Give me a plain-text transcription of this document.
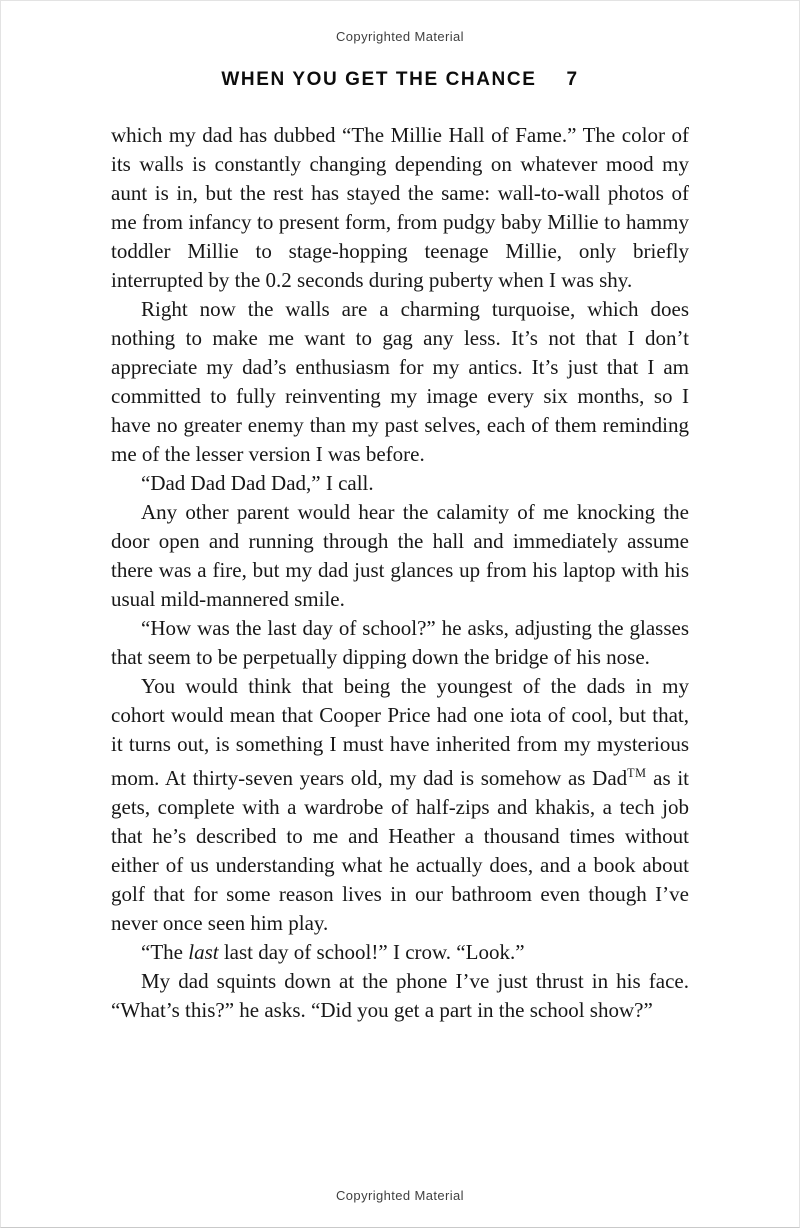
Copyrighted Material
WHEN YOU GET THE CHANCE 7

which my dad has dubbed “The Millie Hall of Fame.” The color of its walls is constantly changing depending on whatever mood my aunt is in, but the rest has stayed the same: wall-to-wall photos of me from infancy to present form, from pudgy baby Millie to hammy toddler Millie to stage-hopping teenage Millie, only briefly interrupted by the 0.2 seconds during puberty when I was shy.

Right now the walls are a charming turquoise, which does nothing to make me want to gag any less. It’s not that I don’t appreciate my dad’s enthusiasm for my antics. It’s just that I am committed to fully reinventing my image every six months, so I have no greater enemy than my past selves, each of them reminding me of the lesser version I was before.

“Dad Dad Dad Dad,” I call.

Any other parent would hear the calamity of me knocking the door open and running through the hall and immediately assume there was a fire, but my dad just glances up from his laptop with his usual mild-mannered smile.

“How was the last day of school?” he asks, adjusting the glasses that seem to be perpetually dipping down the bridge of his nose.

You would think that being the youngest of the dads in my cohort would mean that Cooper Price had one iota of cool, but that, it turns out, is something I must have inherited from my mysterious mom. At thirty-seven years old, my dad is somehow as Dad™ as it gets, complete with a wardrobe of half-zips and khakis, a tech job that he’s described to me and Heather a thousand times without either of us understanding what he actually does, and a book about golf that for some reason lives in our bathroom even though I’ve never once seen him play.

“The last last day of school!” I crow. “Look.”

My dad squints down at the phone I’ve just thrust in his face. “What’s this?” he asks. “Did you get a part in the school show?”

Copyrighted Material
